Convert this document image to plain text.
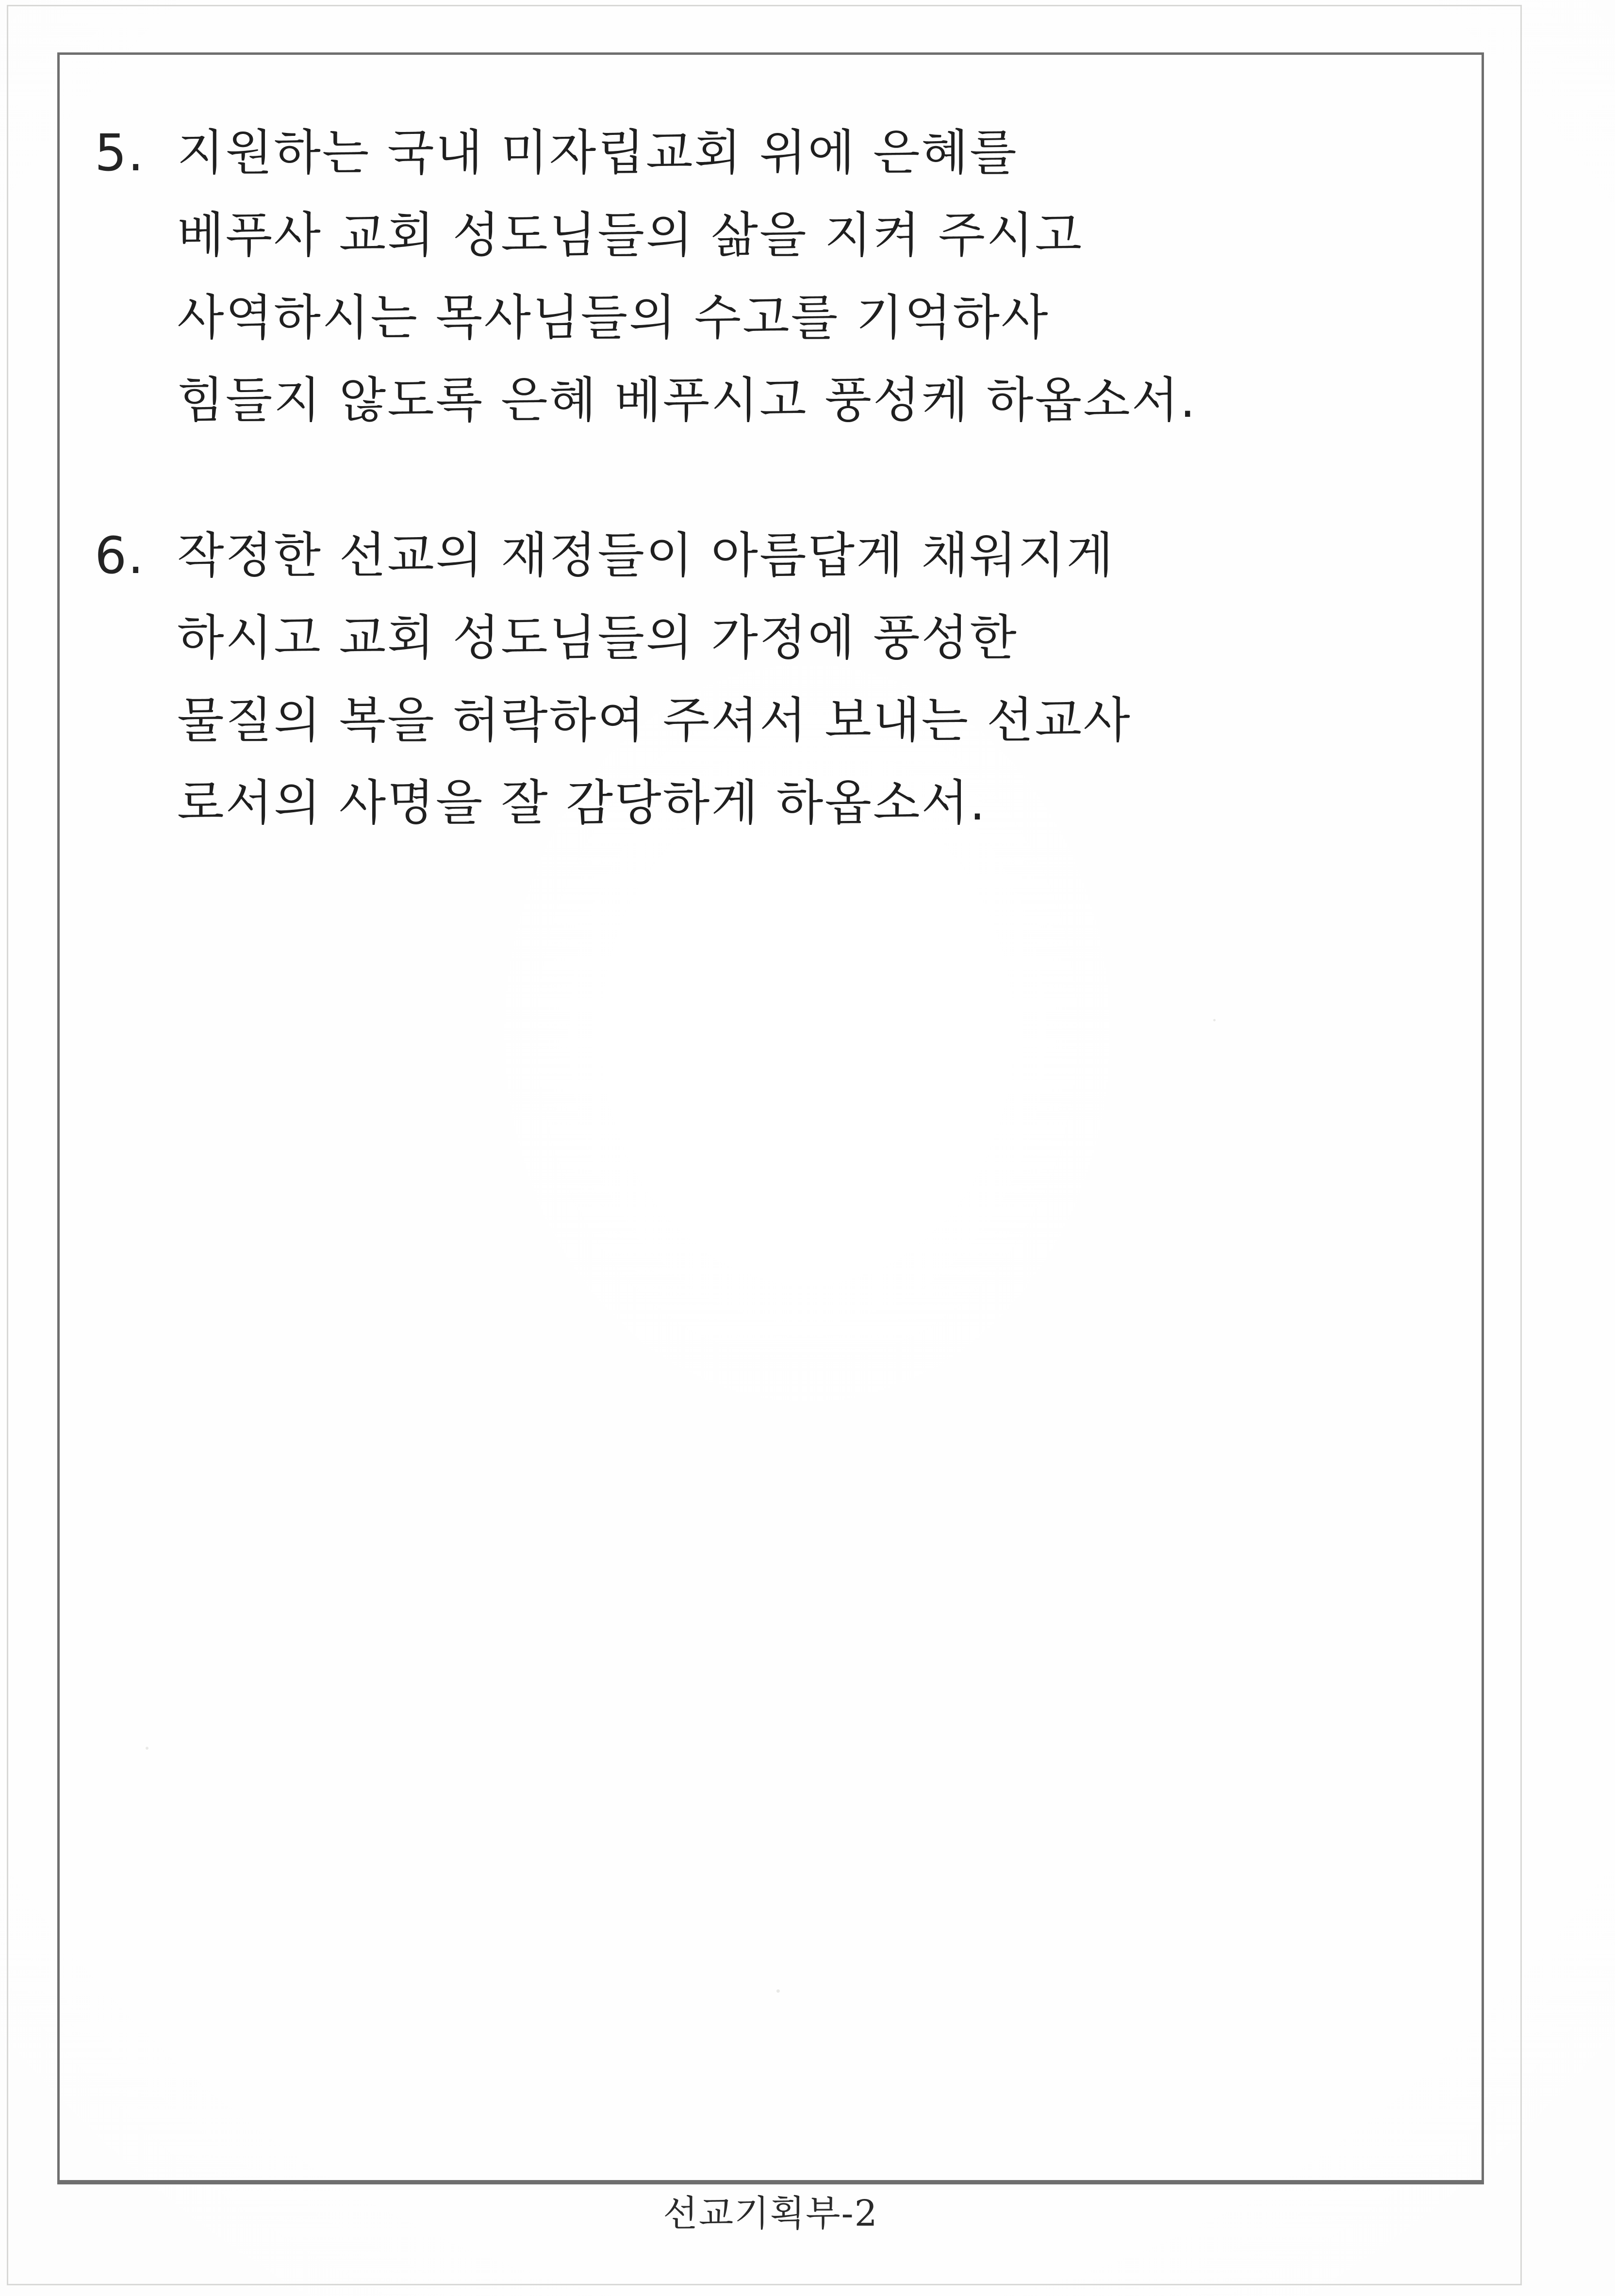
5. 지원하는 국내 미자립교회 위에 은혜를
베푸사 교회 성도님들의 삶을 지켜 주시고
사역하시는 목사님들의 수고를 기억하사
힘들지 않도록 은혜 베푸시고 풍성케 하옵소서.
6. 작정한 선교의 재정들이 아름답게 채워지게
하시고 교회 성도님들의 가정에 풍성한
물질의 복을 허락하여 주셔서 보내는 선교사
로서의 사명을 잘 감당하게 하옵소서.
선교기획부-2
